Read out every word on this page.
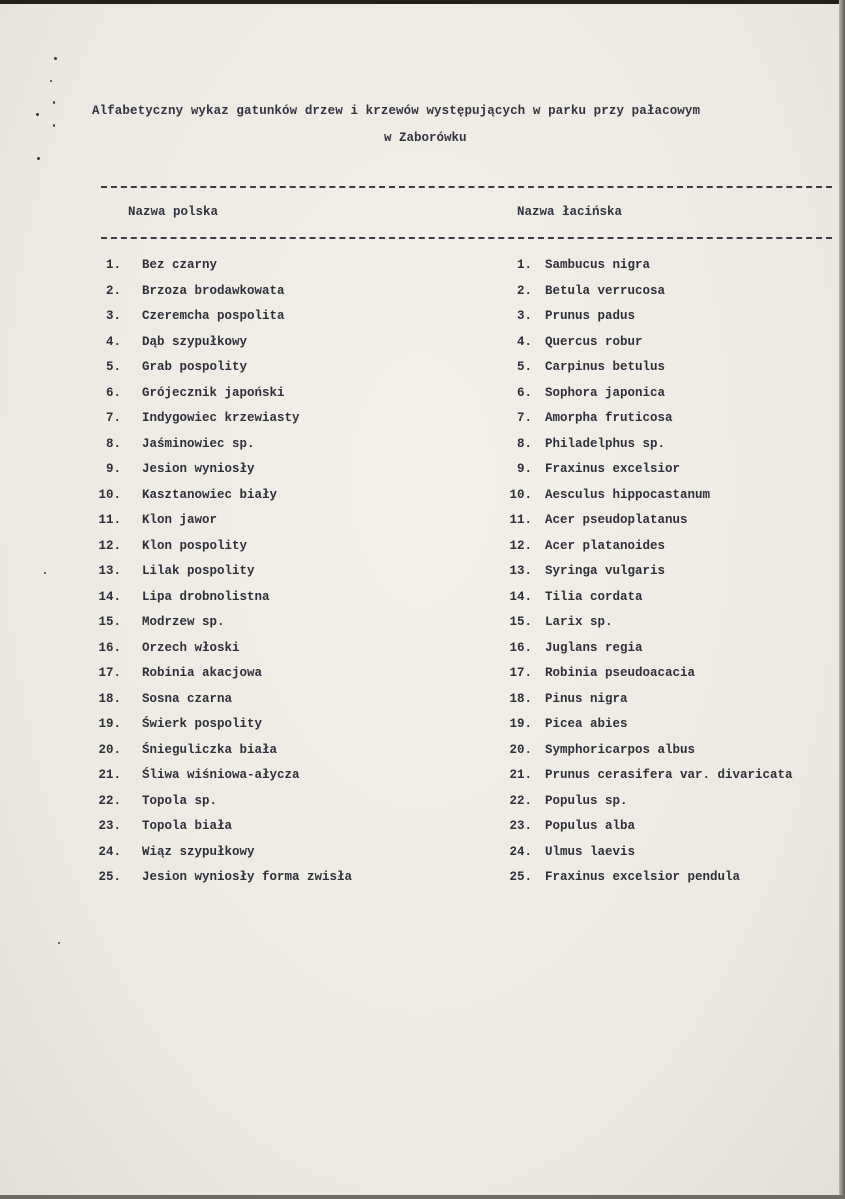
Alfabetyczny wykaz gatunków drzew i krzewów występujących w parku przy pałacowym
w Zaborówku
Nazwa polska	Nazwa łacińska
1. Bez czarny	1. Sambucus nigra
2. Brzoza brodawkowata	2. Betula verrucosa
3. Czeremcha pospolita	3. Prunus padus
4. Dąb szypułkowy	4. Quercus robur
5. Grab pospolity	5. Carpinus betulus
6. Grójecznik japoński	6. Sophora japonica
7. Indygowiec krzewiasty	7. Amorpha fruticosa
8. Jaśminowiec sp.	8. Philadelphus sp.
9. Jesion wyniosły	9. Fraxinus excelsior
10. Kasztanowiec biały	10. Aesculus hippocastanum
11. Klon jawor	11. Acer pseudoplatanus
12. Klon pospolity	12. Acer platanoides
13. Lilak pospolity	13. Syringa vulgaris
14. Lipa drobnolistna	14. Tilia cordata
15. Modrzew sp.	15. Larix sp.
16. Orzech włoski	16. Juglans regia
17. Robinia akacjowa	17. Robinia pseudoacacia
18. Sosna czarna	18. Pinus nigra
19. Świerk pospolity	19. Picea abies
20. Śnieguliczka biała	20. Symphoricarpos albus
21. Śliwa wiśniowa-ałycza	21. Prunus cerasifera var. divaricata
22. Topola sp.	22. Populus sp.
23. Topola biała	23. Populus alba
24. Wiąz szypułkowy	24. Ulmus laevis
25. Jesion wyniosły forma zwisła	25. Fraxinus excelsior pendula
